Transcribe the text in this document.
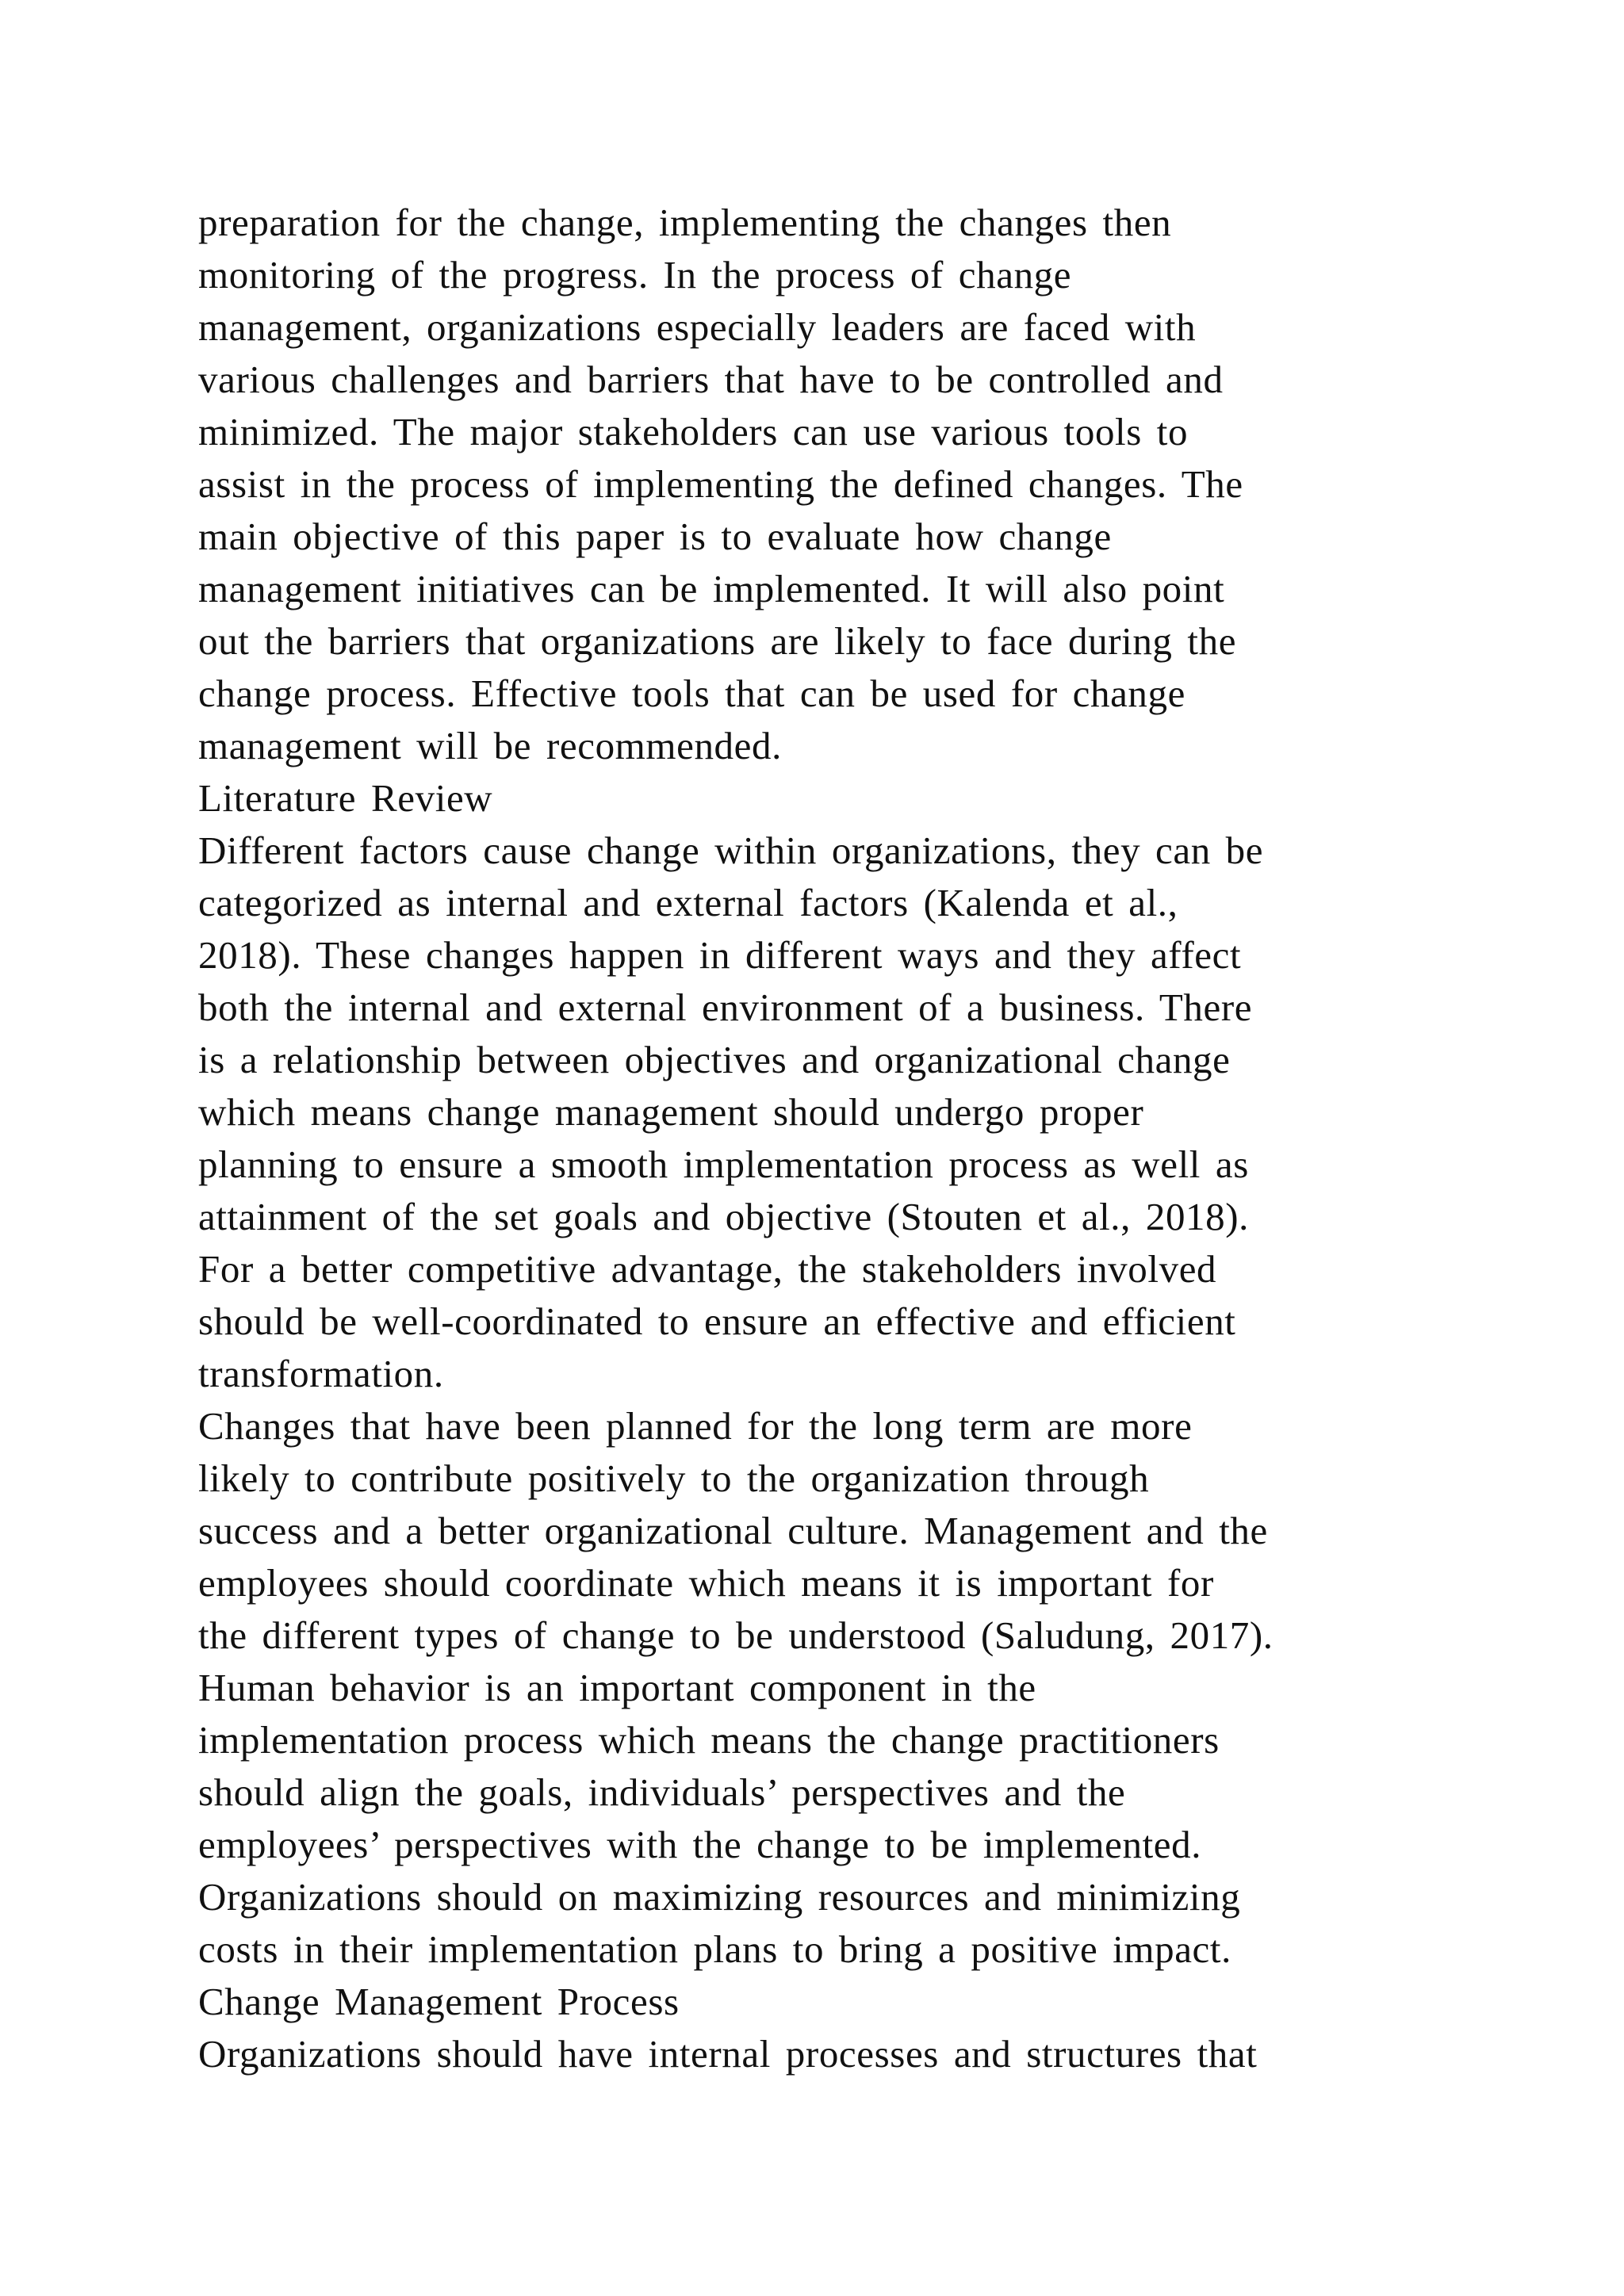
preparation for the change, implementing the changes then
monitoring of the progress. In the process of change
management, organizations especially leaders are faced with
various challenges and barriers that have to be controlled and
minimized. The major stakeholders can use various tools to
assist in the process of implementing the defined changes. The
main objective of this paper is to evaluate how change
management initiatives can be implemented. It will also point
out the barriers that organizations are likely to face during the
change process. Effective tools that can be used for change
management will be recommended.
Literature Review
Different factors cause change within organizations, they can be
categorized as internal and external factors (Kalenda et al.,
2018). These changes happen in different ways and they affect
both the internal and external environment of a business. There
is a relationship between objectives and organizational change
which means change management should undergo proper
planning to ensure a smooth implementation process as well as
attainment of the set goals and objective (Stouten et al., 2018).
For a better competitive advantage, the stakeholders involved
should be well-coordinated to ensure an effective and efficient
transformation.
Changes that have been planned for the long term are more
likely to contribute positively to the organization through
success and a better organizational culture. Management and the
employees should coordinate which means it is important for
the different types of change to be understood (Saludung, 2017).
Human behavior is an important component in the
implementation process which means the change practitioners
should align the goals, individuals’ perspectives and the
employees’ perspectives with the change to be implemented.
Organizations should on maximizing resources and minimizing
costs in their implementation plans to bring a positive impact.
Change Management Process
Organizations should have internal processes and structures that
